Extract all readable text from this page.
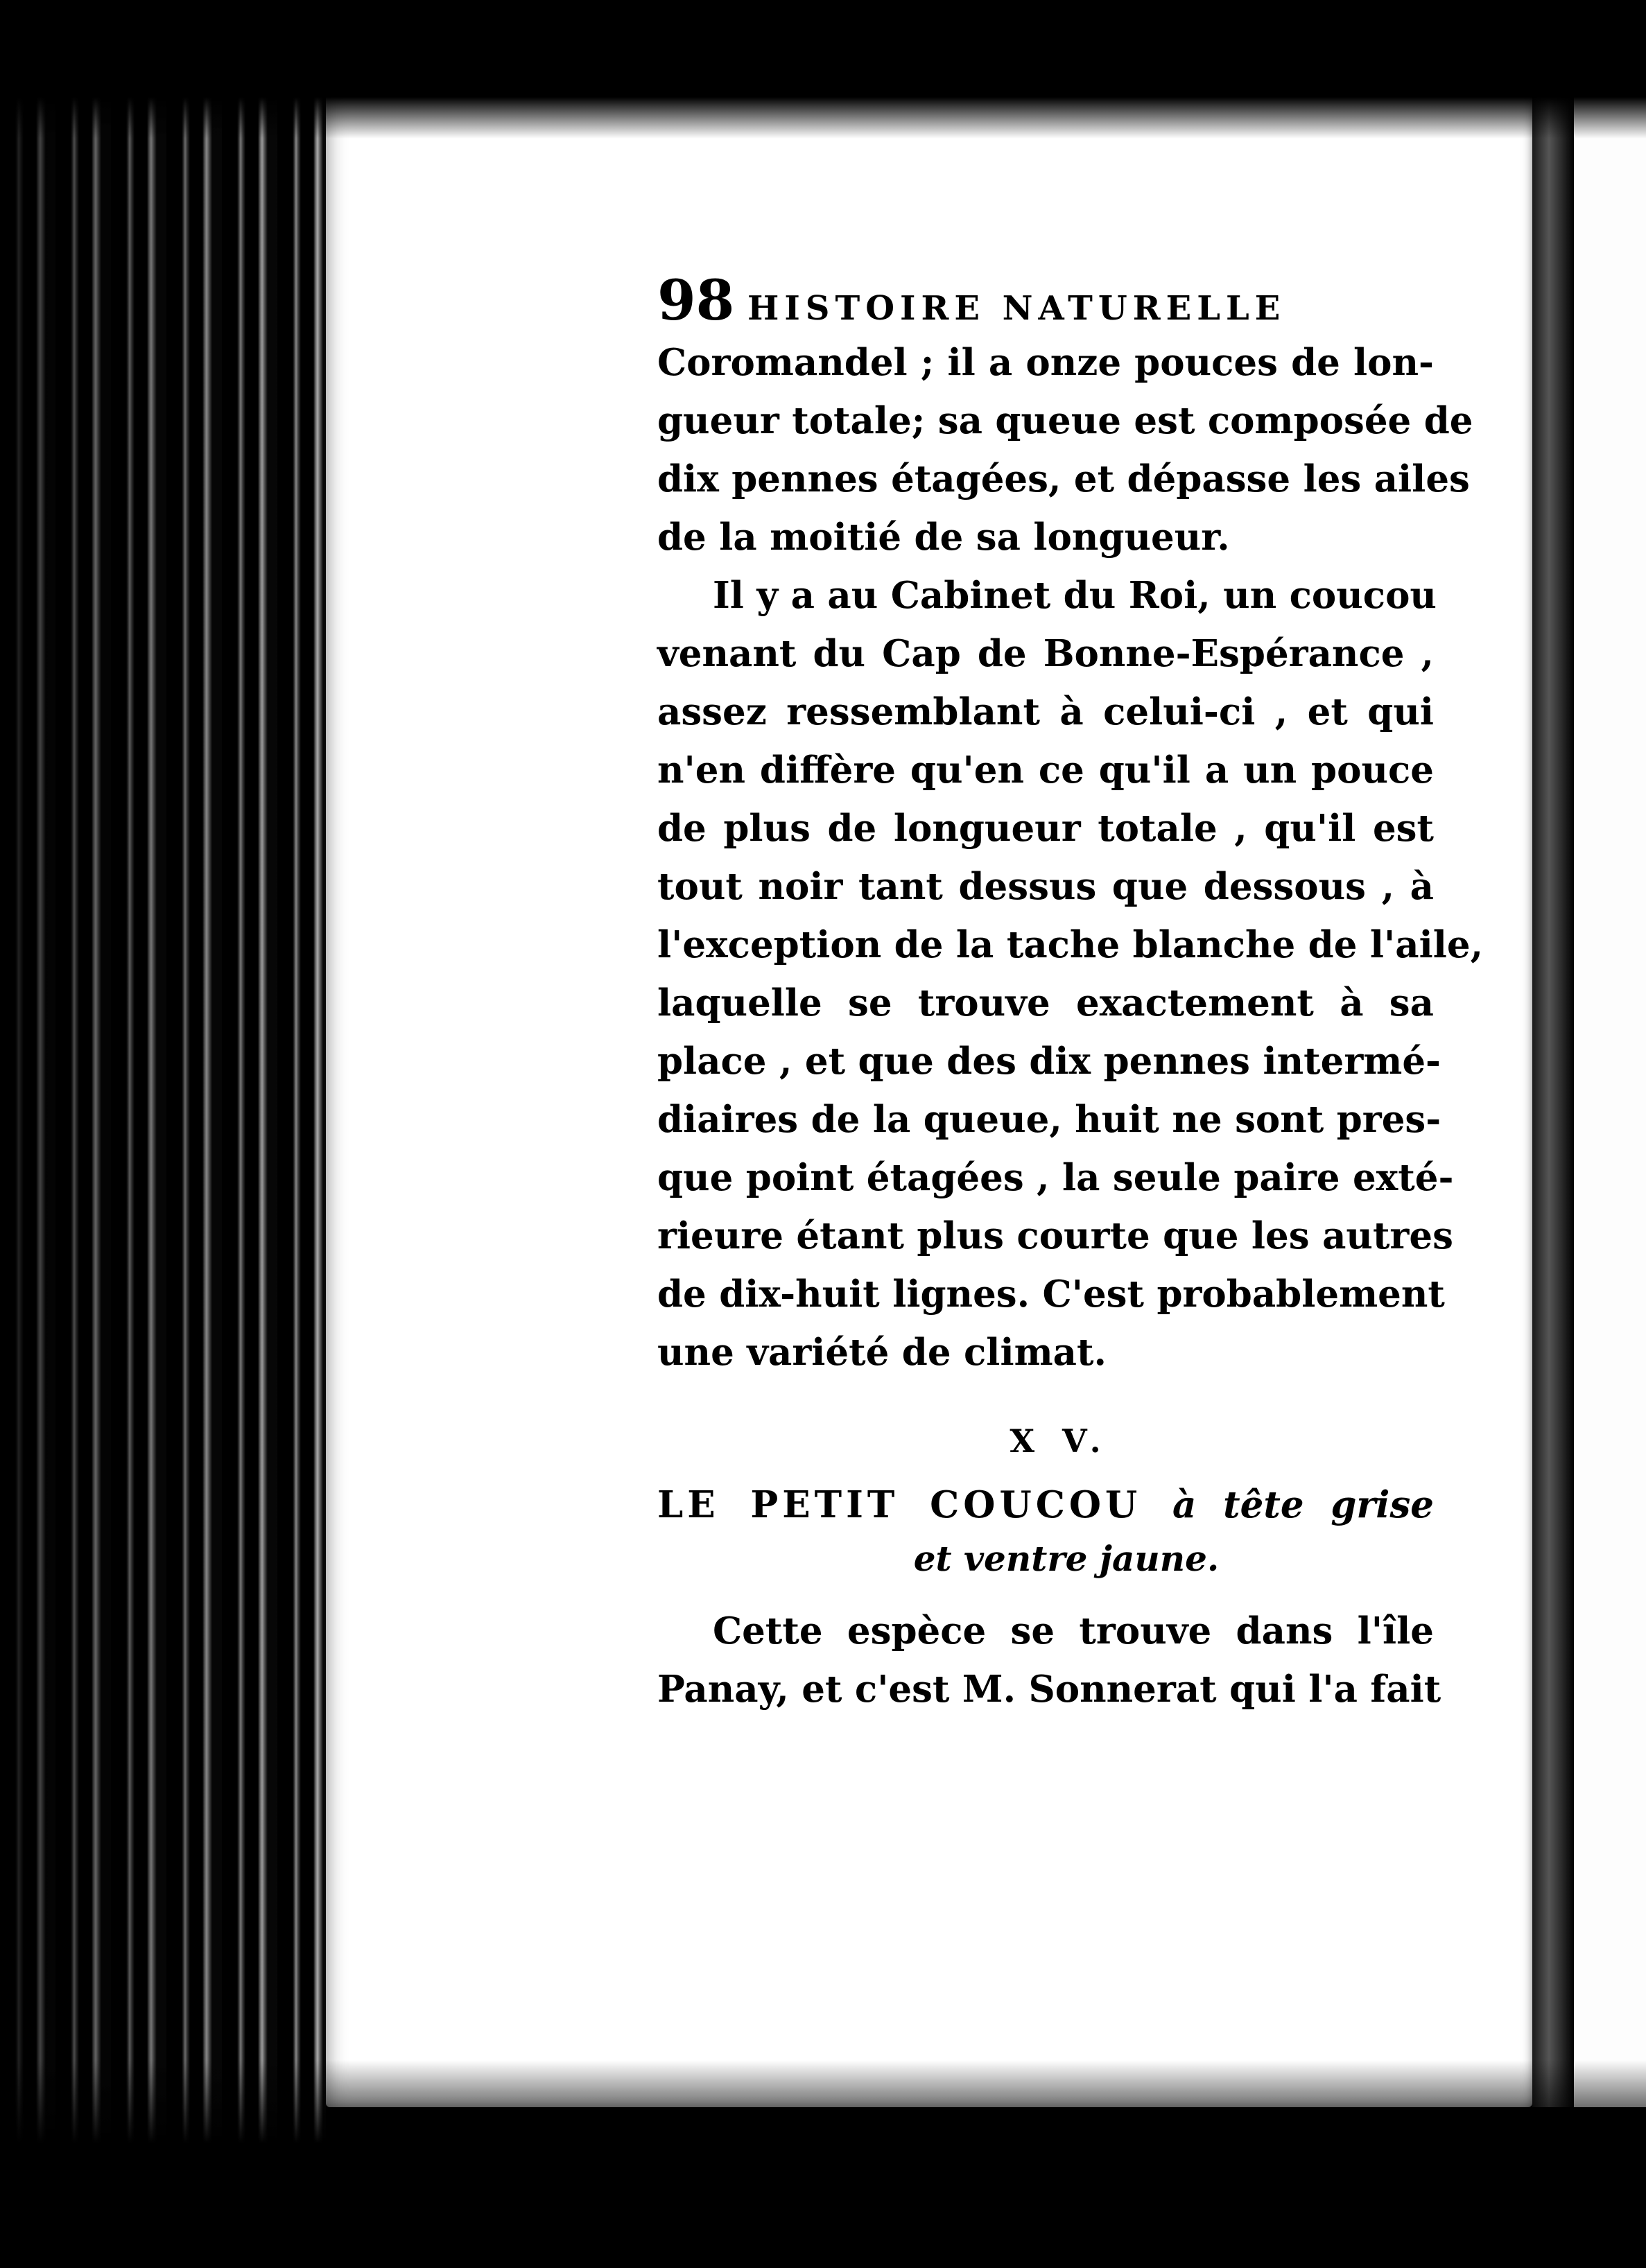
98 HISTOIRE NATURELLE
Coromandel ; il a onze pouces de lon-
gueur totale; sa queue est composée de
dix pennes étagées, et dépasse les ailes
de la moitié de sa longueur.
Il y a au Cabinet du Roi, un coucou
venant du Cap de Bonne-Espérance ,
assez ressemblant à celui-ci , et qui
n'en diffère qu'en ce qu'il a un pouce
de plus de longueur totale , qu'il est
tout noir tant dessus que dessous , à
l'exception de la tache blanche de l'aile,
laquelle se trouve exactement à sa
place , et que des dix pennes intermé-
diaires de la queue, huit ne sont pres-
que point étagées , la seule paire exté-
rieure étant plus courte que les autres
de dix-huit lignes. C'est probablement
une variété de climat.
X V.
LE PETIT COUCOU à tête grise
et ventre jaune.
Cette espèce se trouve dans l'île
Panay, et c'est M. Sonnerat qui l'a fait
